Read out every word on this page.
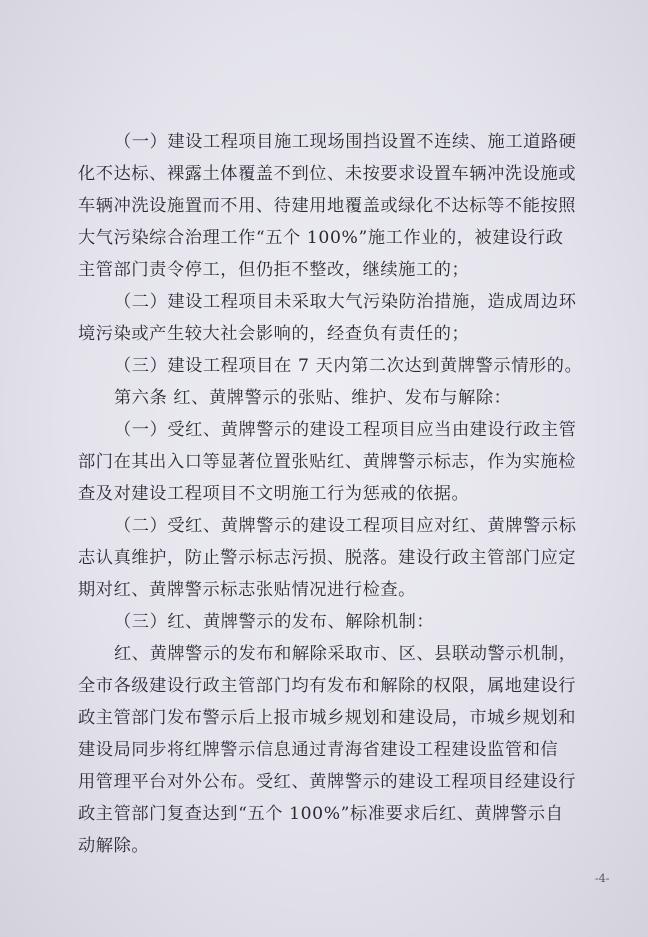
（一）建设工程项目施工现场围挡设置不连续、施工道路硬
化不达标、裸露土体覆盖不到位、未按要求设置车辆冲洗设施或
车辆冲洗设施置而不用、待建用地覆盖或绿化不达标等不能按照
大气污染综合治理工作“五个 100%”施工作业的，被建设行政
主管部门责令停工，但仍拒不整改，继续施工的；
（二）建设工程项目未采取大气污染防治措施，造成周边环
境污染或产生较大社会影响的，经查负有责任的；
（三）建设工程项目在 7 天内第二次达到黄牌警示情形的。
第六条 红、黄牌警示的张贴、维护、发布与解除：
（一）受红、黄牌警示的建设工程项目应当由建设行政主管
部门在其出入口等显著位置张贴红、黄牌警示标志，作为实施检
查及对建设工程项目不文明施工行为惩戒的依据。
（二）受红、黄牌警示的建设工程项目应对红、黄牌警示标
志认真维护，防止警示标志污损、脱落。建设行政主管部门应定
期对红、黄牌警示标志张贴情况进行检查。
（三）红、黄牌警示的发布、解除机制：
红、黄牌警示的发布和解除采取市、区、县联动警示机制，
全市各级建设行政主管部门均有发布和解除的权限，属地建设行
政主管部门发布警示后上报市城乡规划和建设局，市城乡规划和
建设局同步将红牌警示信息通过青海省建设工程建设监管和信
用管理平台对外公布。受红、黄牌警示的建设工程项目经建设行
政主管部门复查达到“五个 100%”标准要求后红、黄牌警示自
动解除。
-4-
